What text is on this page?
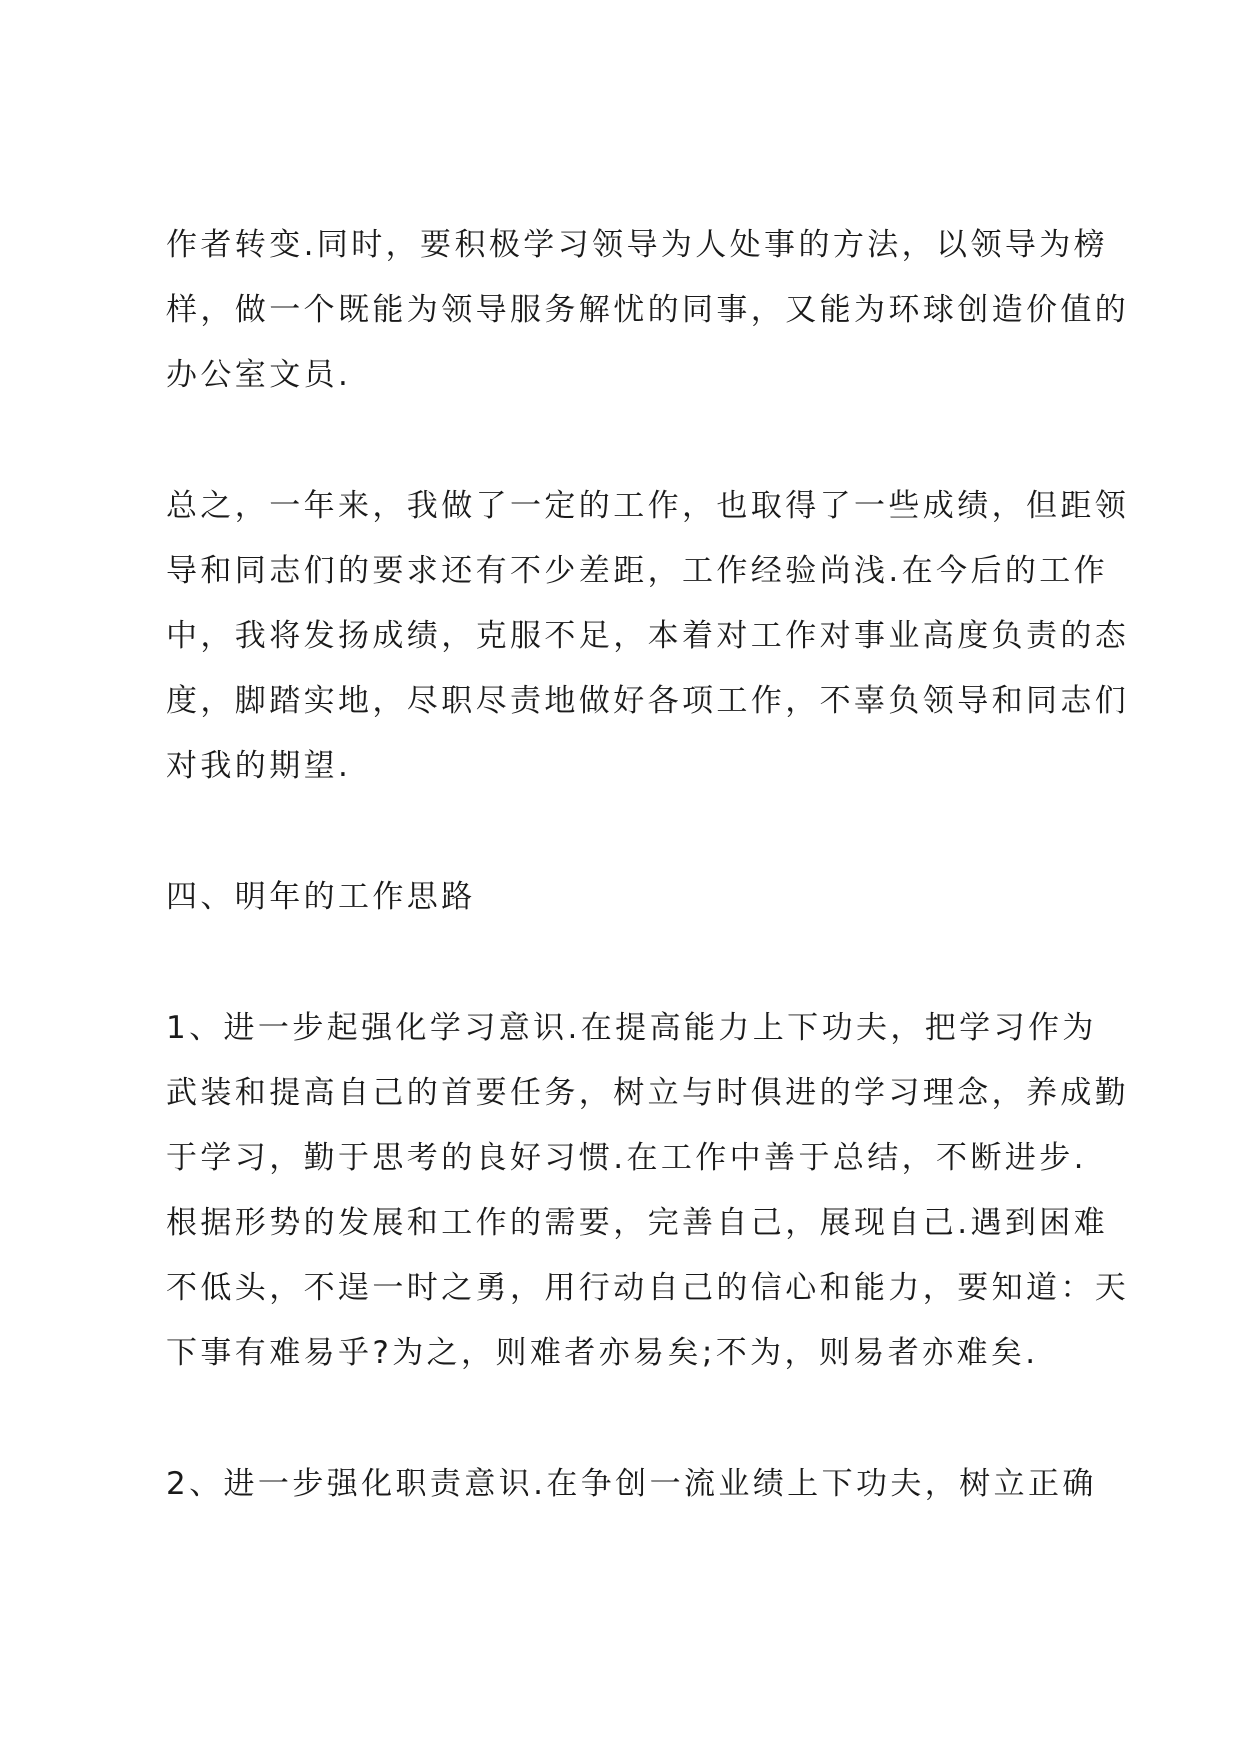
作者转变.同时，要积极学习领导为人处事的方法，以领导为榜
样，做一个既能为领导服务解忧的同事，又能为环球创造价值的
办公室文员.
总之，一年来，我做了一定的工作，也取得了一些成绩，但距领
导和同志们的要求还有不少差距，工作经验尚浅.在今后的工作
中，我将发扬成绩，克服不足，本着对工作对事业高度负责的态
度，脚踏实地，尽职尽责地做好各项工作，不辜负领导和同志们
对我的期望.
四、明年的工作思路
1、进一步起强化学习意识.在提高能力上下功夫，把学习作为
武装和提高自己的首要任务，树立与时俱进的学习理念，养成勤
于学习，勤于思考的良好习惯.在工作中善于总结，不断进步.
根据形势的发展和工作的需要，完善自己，展现自己.遇到困难
不低头，不逞一时之勇，用行动自己的信心和能力，要知道：天
下事有难易乎?为之，则难者亦易矣;不为，则易者亦难矣.
2、进一步强化职责意识.在争创一流业绩上下功夫，树立正确
